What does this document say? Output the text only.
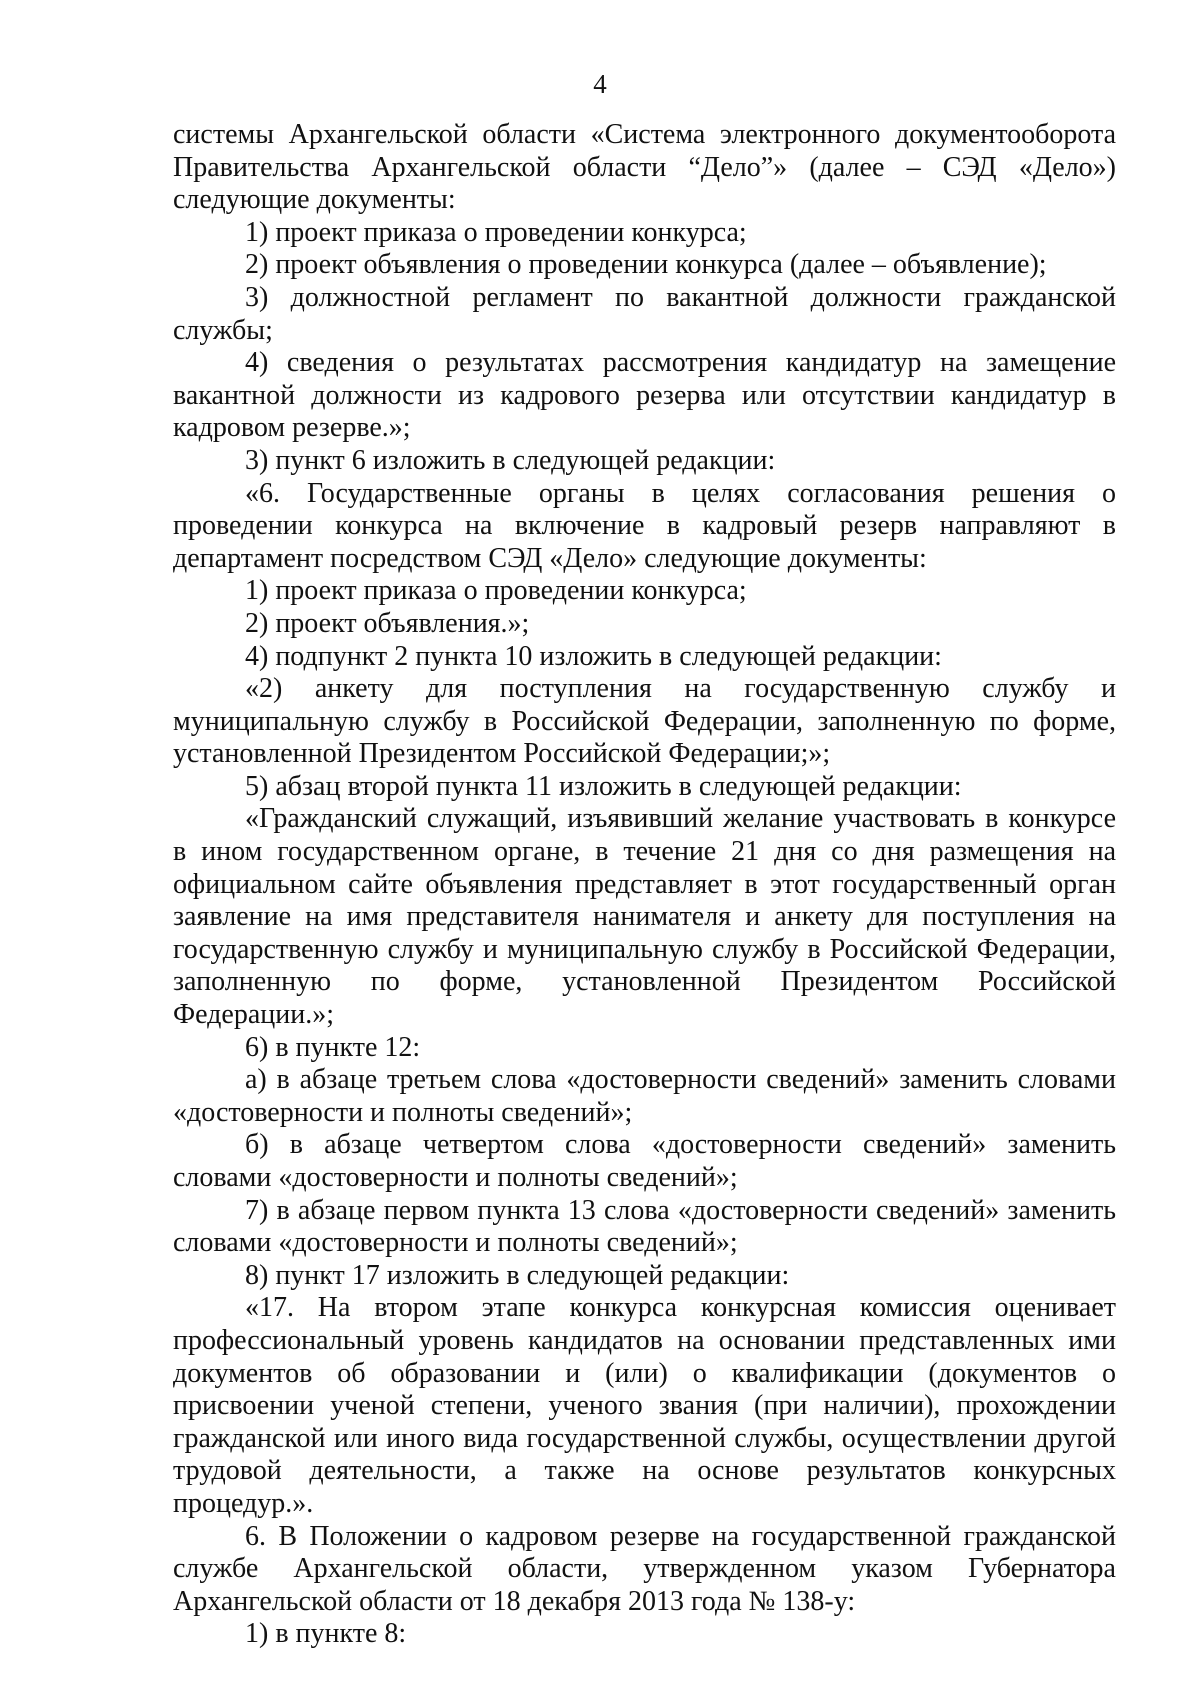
4

системы Архангельской области «Система электронного документооборота Правительства Архангельской области “Дело”» (далее – СЭД «Дело») следующие документы:

1) проект приказа о проведении конкурса;

2) проект объявления о проведении конкурса (далее – объявление);

3) должностной регламент по вакантной должности гражданской службы;

4) сведения о результатах рассмотрения кандидатур на замещение вакантной должности из кадрового резерва или отсутствии кандидатур в кадровом резерве.»;

3) пункт 6 изложить в следующей редакции:

«6. Государственные органы в целях согласования решения о проведении конкурса на включение в кадровый резерв направляют в департамент посредством СЭД «Дело» следующие документы:

1) проект приказа о проведении конкурса;

2) проект объявления.»;

4) подпункт 2 пункта 10 изложить в следующей редакции:

«2) анкету для поступления на государственную службу и муниципальную службу в Российской Федерации, заполненную по форме, установленной Президентом Российской Федерации;»;

5) абзац второй пункта 11 изложить в следующей редакции:

«Гражданский служащий, изъявивший желание участвовать в конкурсе в ином государственном органе, в течение 21 дня со дня размещения на официальном сайте объявления представляет в этот государственный орган заявление на имя представителя нанимателя и анкету для поступления на государственную службу и муниципальную службу в Российской Федерации, заполненную по форме, установленной Президентом Российской Федерации.»;

6) в пункте 12:

а) в абзаце третьем слова «достоверности сведений» заменить словами «достоверности и полноты сведений»;

б) в абзаце четвертом слова «достоверности сведений» заменить словами «достоверности и полноты сведений»;

7) в абзаце первом пункта 13 слова «достоверности сведений» заменить словами «достоверности и полноты сведений»;

8) пункт 17 изложить в следующей редакции:

«17. На втором этапе конкурса конкурсная комиссия оценивает профессиональный уровень кандидатов на основании представленных ими документов об образовании и (или) о квалификации (документов о присвоении ученой степени, ученого звания (при наличии), прохождении гражданской или иного вида государственной службы, осуществлении другой трудовой деятельности, а также на основе результатов конкурсных процедур.».

6. В Положении о кадровом резерве на государственной гражданской службе Архангельской области, утвержденном указом Губернатора Архангельской области от 18 декабря 2013 года № 138-у:

1) в пункте 8:
